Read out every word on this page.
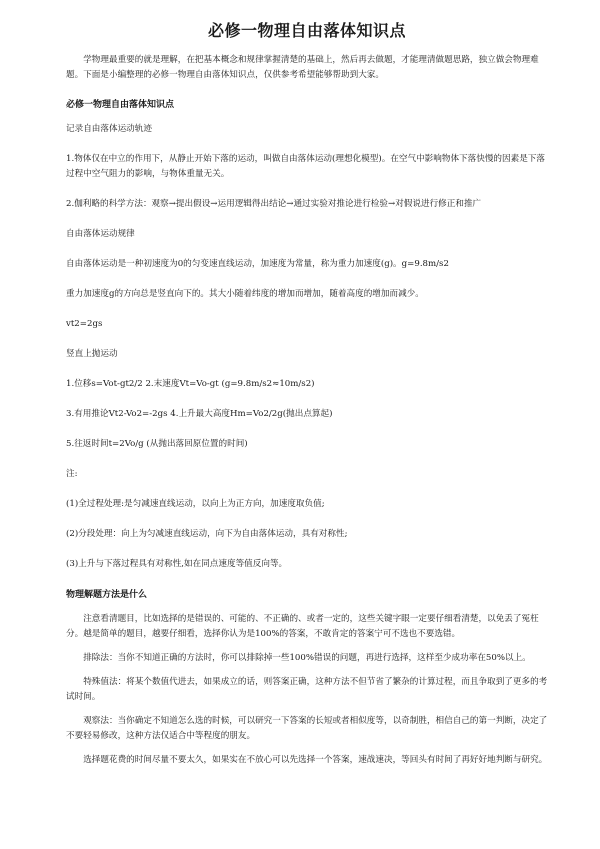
必修一物理自由落体知识点

学物理最重要的就是理解，在把基本概念和规律掌握清楚的基础上，然后再去做题，才能理清做题思路，独立做会物理难题。下面是小编整理的必修一物理自由落体知识点，仅供参考希望能够帮助到大家。

必修一物理自由落体知识点

记录自由落体运动轨迹

1.物体仅在中立的作用下，从静止开始下落的运动，叫做自由落体运动(理想化模型)。在空气中影响物体下落快慢的因素是下落过程中空气阻力的影响，与物体重量无关。

2.伽利略的科学方法：观察→提出假设→运用逻辑得出结论→通过实验对推论进行检验→对假说进行修正和推广

自由落体运动规律

自由落体运动是一种初速度为0的匀变速直线运动，加速度为常量，称为重力加速度(g)。g=9.8m/s2

重力加速度g的方向总是竖直向下的。其大小随着纬度的增加而增加，随着高度的增加而减少。

vt2=2gs

竖直上抛运动

1.位移s=Vot-gt2/2 2.末速度Vt=Vo-gt (g=9.8m/s2≈10m/s2)

3.有用推论Vt2-Vo2=-2gs 4.上升最大高度Hm=Vo2/2g(抛出点算起)

5.往返时间t=2Vo/g (从抛出落回原位置的时间)

注:

(1)全过程处理:是匀减速直线运动，以向上为正方向，加速度取负值;

(2)分段处理：向上为匀减速直线运动，向下为自由落体运动，具有对称性;

(3)上升与下落过程具有对称性,如在同点速度等值反向等。

物理解题方法是什么

注意看清题目，比如选择的是错误的、可能的、不正确的、或者一定的，这些关键字眼一定要仔细看清楚，以免丢了冤枉分。越是简单的题目，越要仔细看，选择你认为是100%的答案，不敢肯定的答案宁可不选也不要选错。

排除法：当你不知道正确的方法时，你可以排除掉一些100%错误的问题，再进行选择，这样至少成功率在50%以上。

特殊值法：将某个数值代进去，如果成立的话，则答案正确，这种方法不但节省了繁杂的计算过程，而且争取到了更多的考试时间。

观察法：当你确定不知道怎么选的时候，可以研究一下答案的长短或者相似度等，以奇制胜，相信自己的第一判断，决定了不要轻易修改，这种方法仅适合中等程度的朋友。

选择题花费的时间尽量不要太久，如果实在不放心可以先选择一个答案，速战速决，等回头有时间了再好好地判断与研究。
